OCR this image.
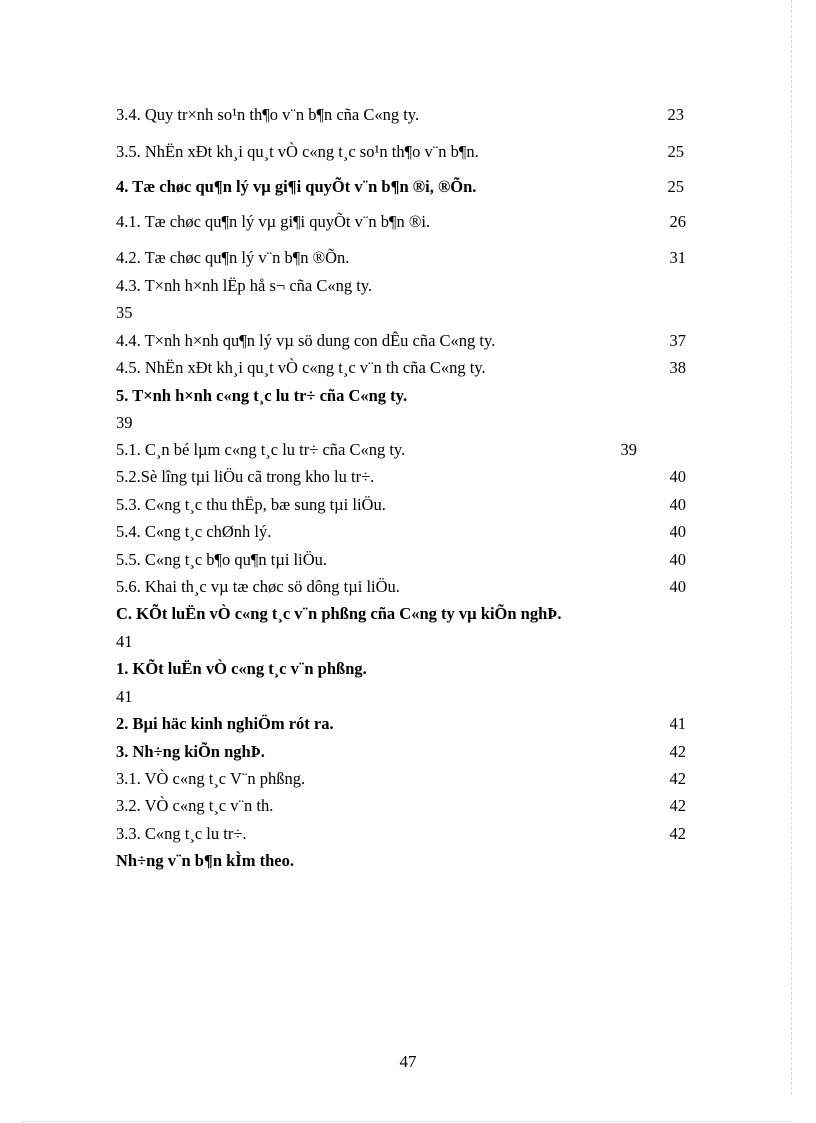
3.4. Quy tr×nh so¹n th¶o v¨n b¶n cña C«ng ty.	23
3.5. NhËn xÐt kh¸i qu¸t vÒ c«ng t¸c so¹n th¶o v¨n b¶n.	25
4. Tæ chøc qu¶n lý vµ gi¶i quyÕt v¨n b¶n ®i, ®Õn.	25
4.1. Tæ chøc qu¶n lý vµ gi¶i quyÕt v¨n b¶n ®i.	26
4.2. Tæ chøc qu¶n lý v¨n b¶n ®Õn.	31
4.3. T×nh h×nh lËp hå s¬ cña C«ng ty.
35
4.4. T×nh h×nh qu¶n lý vµ sö dung con dÊu cña C«ng ty.	37
4.5. NhËn xÐt kh¸i qu¸t vÒ c«ng t¸c v¨n th cña C«ng ty.	38
5. T×nh h×nh c«ng t¸c lu tr÷ cña C«ng ty.
39
5.1. C¸n bé lµm c«ng t¸c lu tr÷ cña C«ng ty.	39
5.2.Sè lîng tµi liÖu cã trong kho lu tr÷.	40
5.3. C«ng t¸c thu thËp, bæ sung tµi liÖu.	40
5.4. C«ng t¸c chØnh lý.	40
5.5. C«ng t¸c b¶o qu¶n tµi liÖu.	40
5.6. Khai th¸c vµ tæ chøc sö dông tµi liÖu.	40
C. KÕt luËn vÒ c«ng t¸c v¨n phßng cña C«ng ty vµ kiÕn nghÞ.
41
1. KÕt luËn vÒ c«ng t¸c v¨n phßng.
41
2. Bµi häc kinh nghiÖm rót ra.	41
3. Nh÷ng kiÕn nghÞ.	42
3.1. VÒ c«ng t¸c V¨n phßng.	42
3.2. VÒ c«ng t¸c v¨n th.	42
3.3. C«ng t¸c lu tr÷.	42
Nh÷ng v¨n b¶n kÌm theo.
47
